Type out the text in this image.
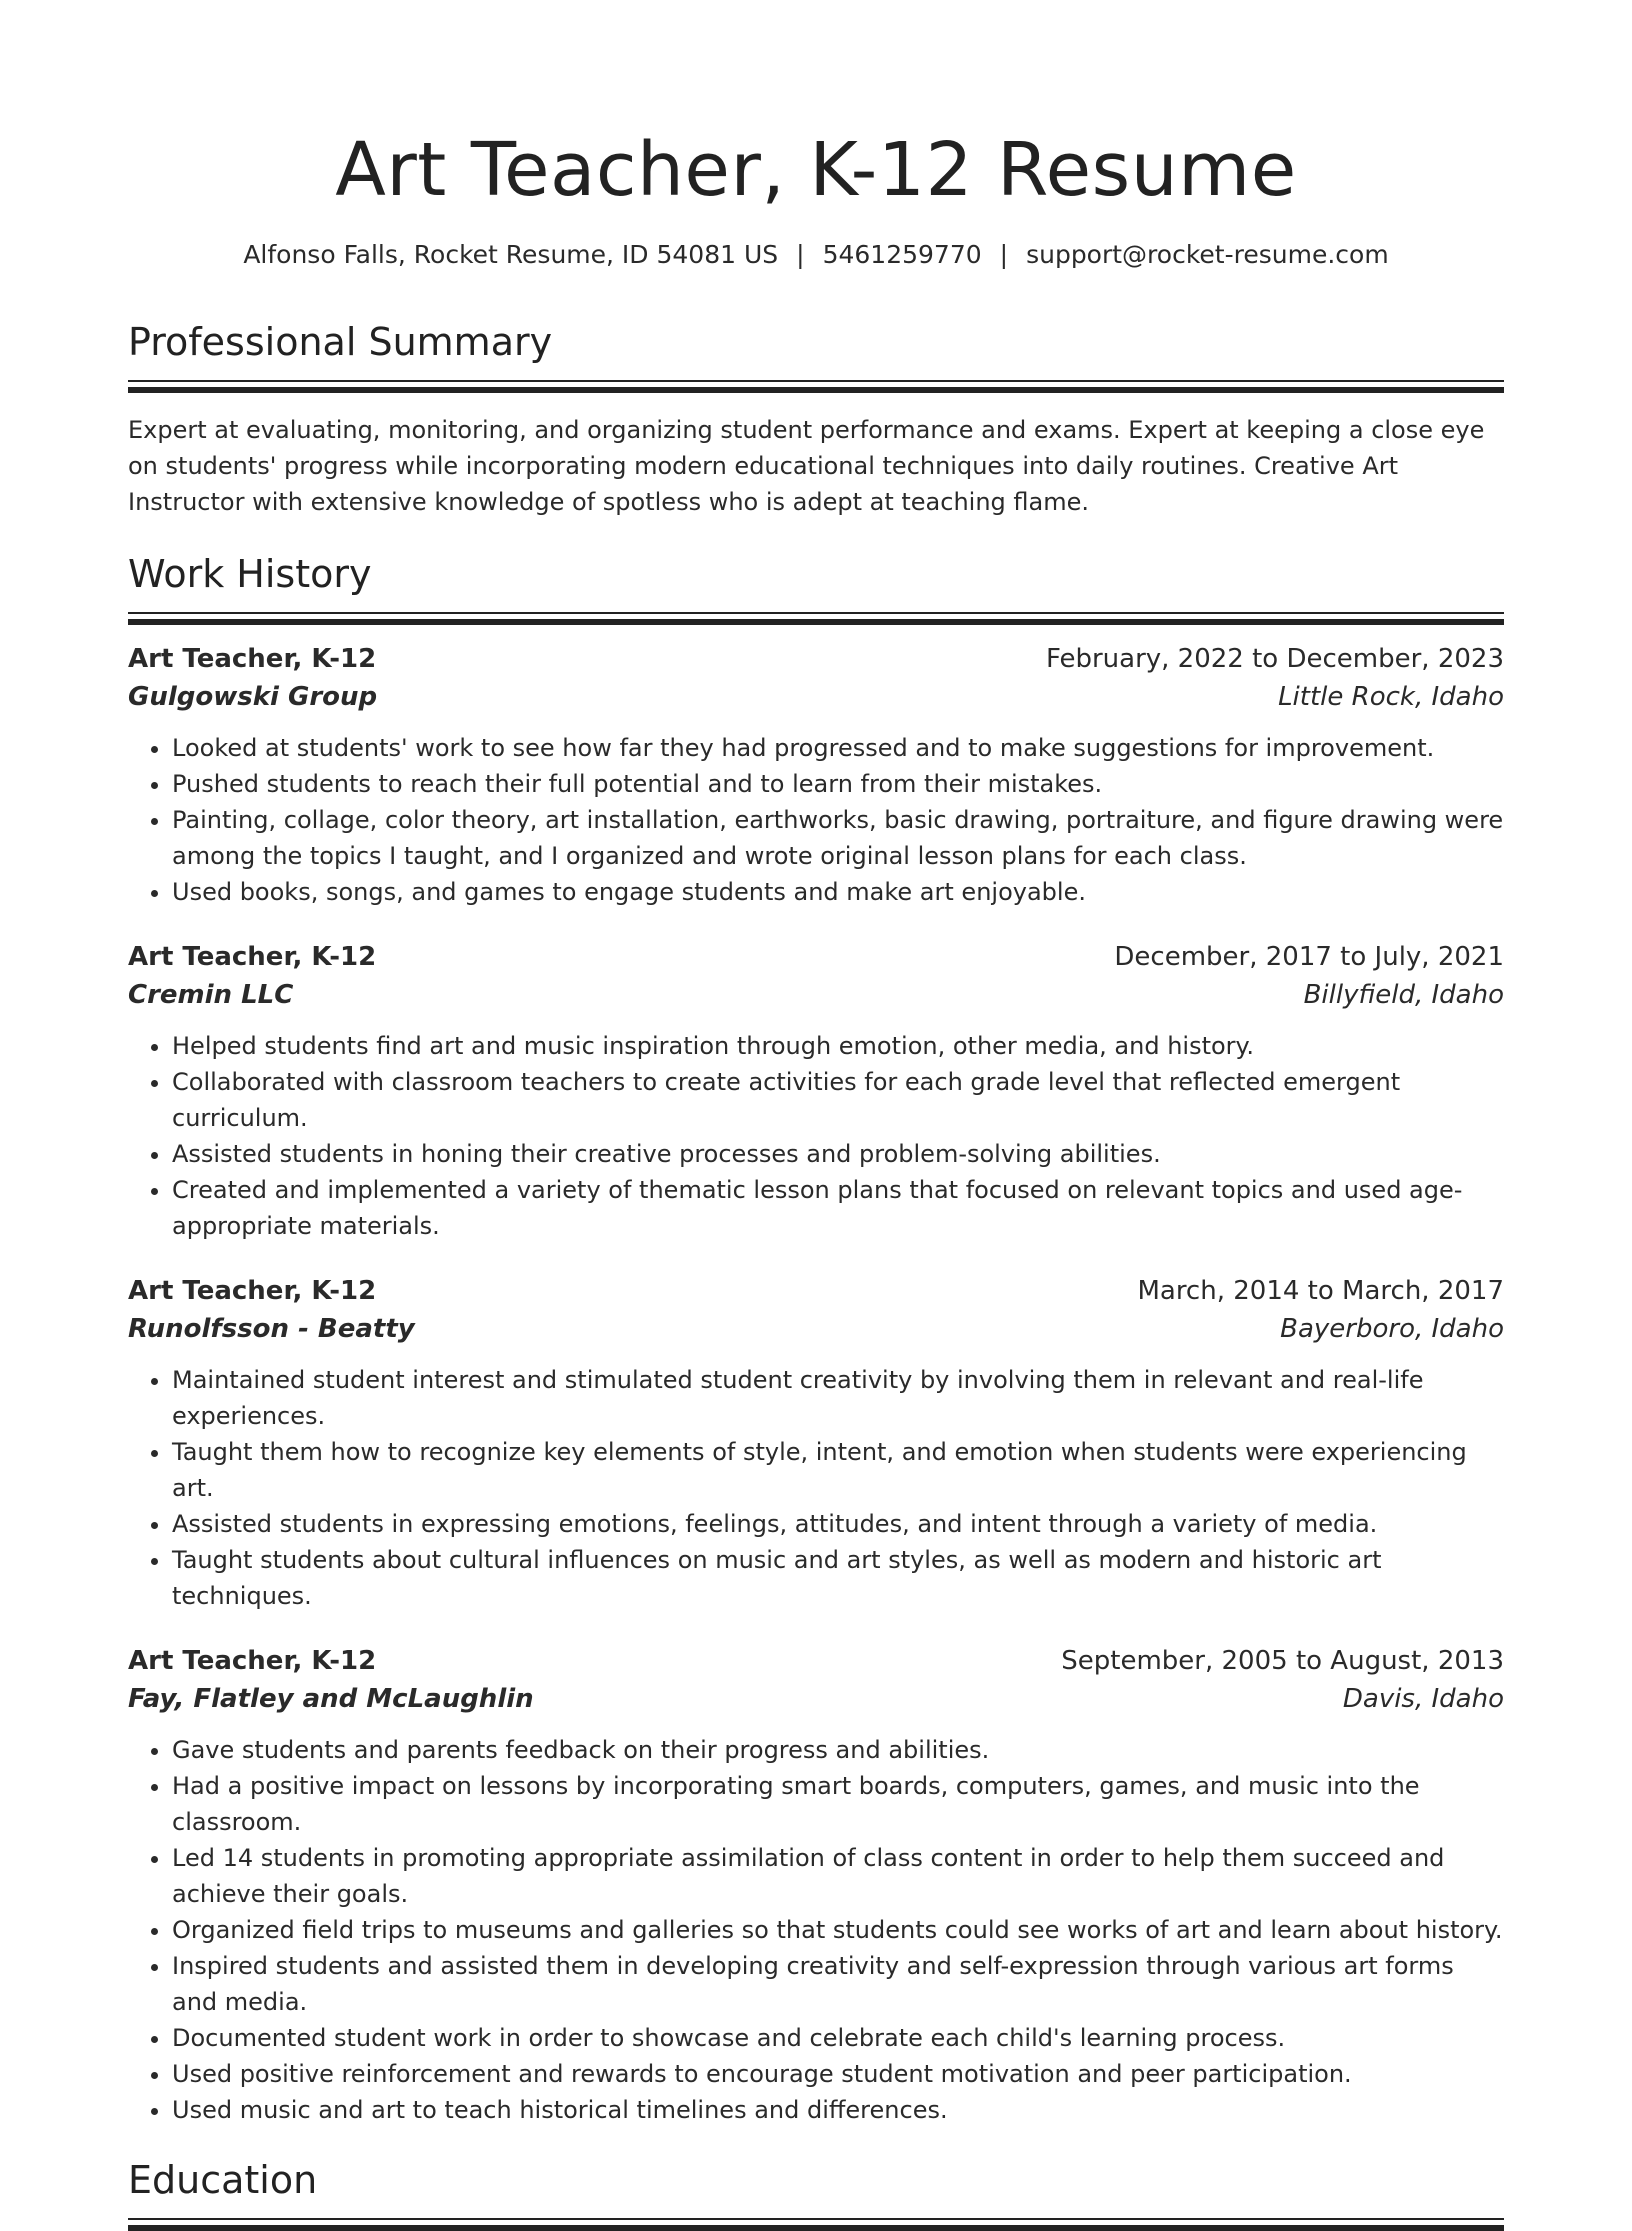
Art Teacher, K-12 Resume
Alfonso Falls, Rocket Resume, ID 54081 US | 5461259770 | support@rocket-resume.com
Professional Summary

Expert at evaluating, monitoring, and organizing student performance and exams. Expert at keeping a close eye on students' progress while incorporating modern educational techniques into daily routines. Creative Art Instructor with extensive knowledge of spotless who is adept at teaching flame.

Work History
Art Teacher, K-12	February, 2022 to December, 2023
Gulgowski Group	Little Rock, Idaho
• Looked at students' work to see how far they had progressed and to make suggestions for improvement.
• Pushed students to reach their full potential and to learn from their mistakes.
• Painting, collage, color theory, art installation, earthworks, basic drawing, portraiture, and figure drawing were among the topics I taught, and I organized and wrote original lesson plans for each class.
• Used books, songs, and games to engage students and make art enjoyable.
Art Teacher, K-12	December, 2017 to July, 2021
Cremin LLC	Billyfield, Idaho
• Helped students find art and music inspiration through emotion, other media, and history.
• Collaborated with classroom teachers to create activities for each grade level that reflected emergent curriculum.
• Assisted students in honing their creative processes and problem-solving abilities.
• Created and implemented a variety of thematic lesson plans that focused on relevant topics and used age-appropriate materials.
Art Teacher, K-12	March, 2014 to March, 2017
Runolfsson - Beatty	Bayerboro, Idaho
• Maintained student interest and stimulated student creativity by involving them in relevant and real-life experiences.
• Taught them how to recognize key elements of style, intent, and emotion when students were experiencing art.
• Assisted students in expressing emotions, feelings, attitudes, and intent through a variety of media.
• Taught students about cultural influences on music and art styles, as well as modern and historic art techniques.
Art Teacher, K-12	September, 2005 to August, 2013
Fay, Flatley and McLaughlin	Davis, Idaho
• Gave students and parents feedback on their progress and abilities.
• Had a positive impact on lessons by incorporating smart boards, computers, games, and music into the classroom.
• Led 14 students in promoting appropriate assimilation of class content in order to help them succeed and achieve their goals.
• Organized field trips to museums and galleries so that students could see works of art and learn about history.
• Inspired students and assisted them in developing creativity and self-expression through various art forms and media.
• Documented student work in order to showcase and celebrate each child's learning process.
• Used positive reinforcement and rewards to encourage student motivation and peer participation.
• Used music and art to teach historical timelines and differences.
Education
